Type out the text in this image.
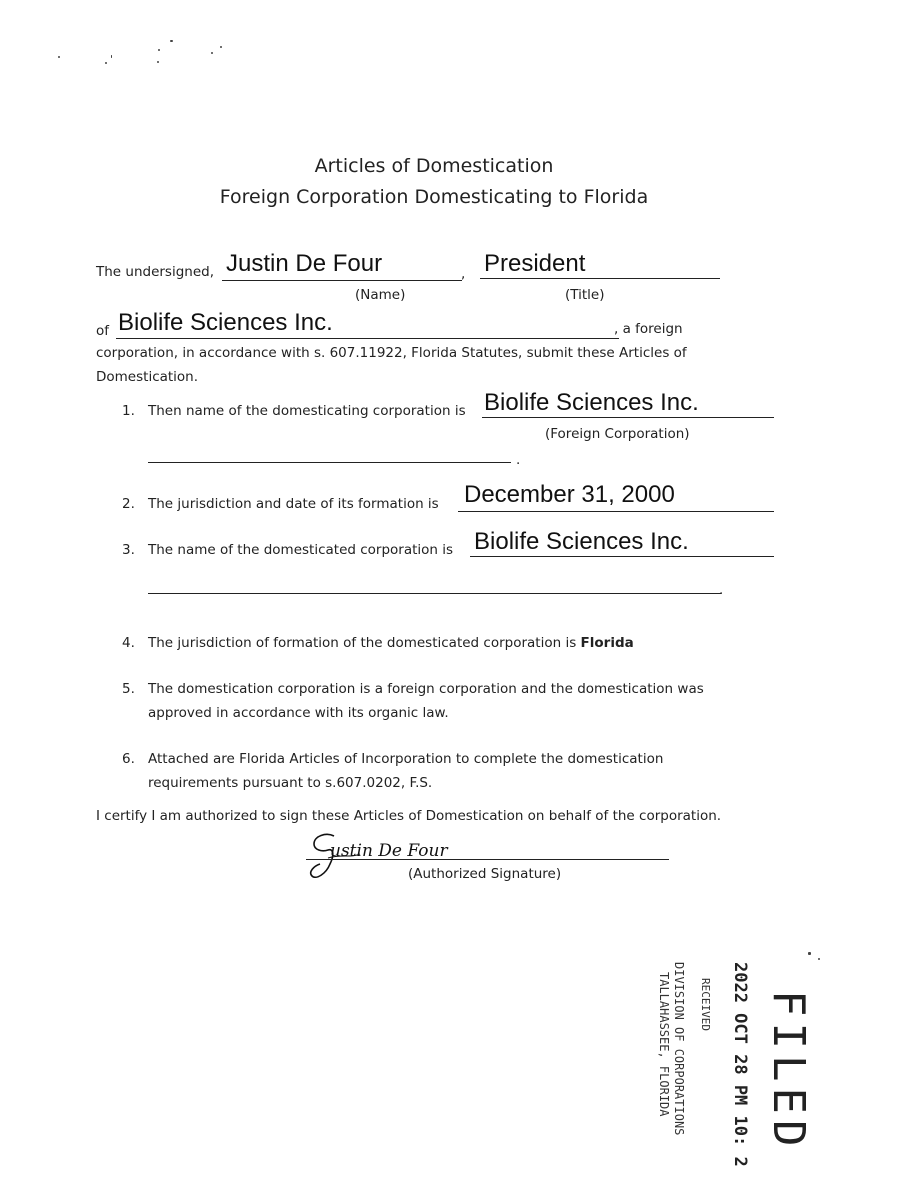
Articles of Domestication
Foreign Corporation Domesticating to Florida
The undersigned, Justin De Four	, President
(Name)	(Title)
of Biolife Sciences Inc.	, a foreign
corporation, in accordance with s. 607.11922, Florida Statutes, submit these Articles of
Domestication.
1. Then name of the domesticating corporation is Biolife Sciences Inc.
(Foreign Corporation)
.
2. The jurisdiction and date of its formation is December 31, 2000
3. The name of the domesticated corporation is Biolife Sciences Inc.
.
4. The jurisdiction of formation of the domesticated corporation is Florida
5. The domestication corporation is a foreign corporation and the domestication was
approved in accordance with its organic law.
6. Attached are Florida Articles of Incorporation to complete the domestication
requirements pursuant to s.607.0202, F.S.
I certify I am authorized to sign these Articles of Domestication on behalf of the corporation.
ustin De Four
(Authorized Signature)
FILED
2022 OCT 28 PM 10: 2
RECEIVED
DIVISION OF CORPORATIONS
TALLAHASSEE, FLORIDA
